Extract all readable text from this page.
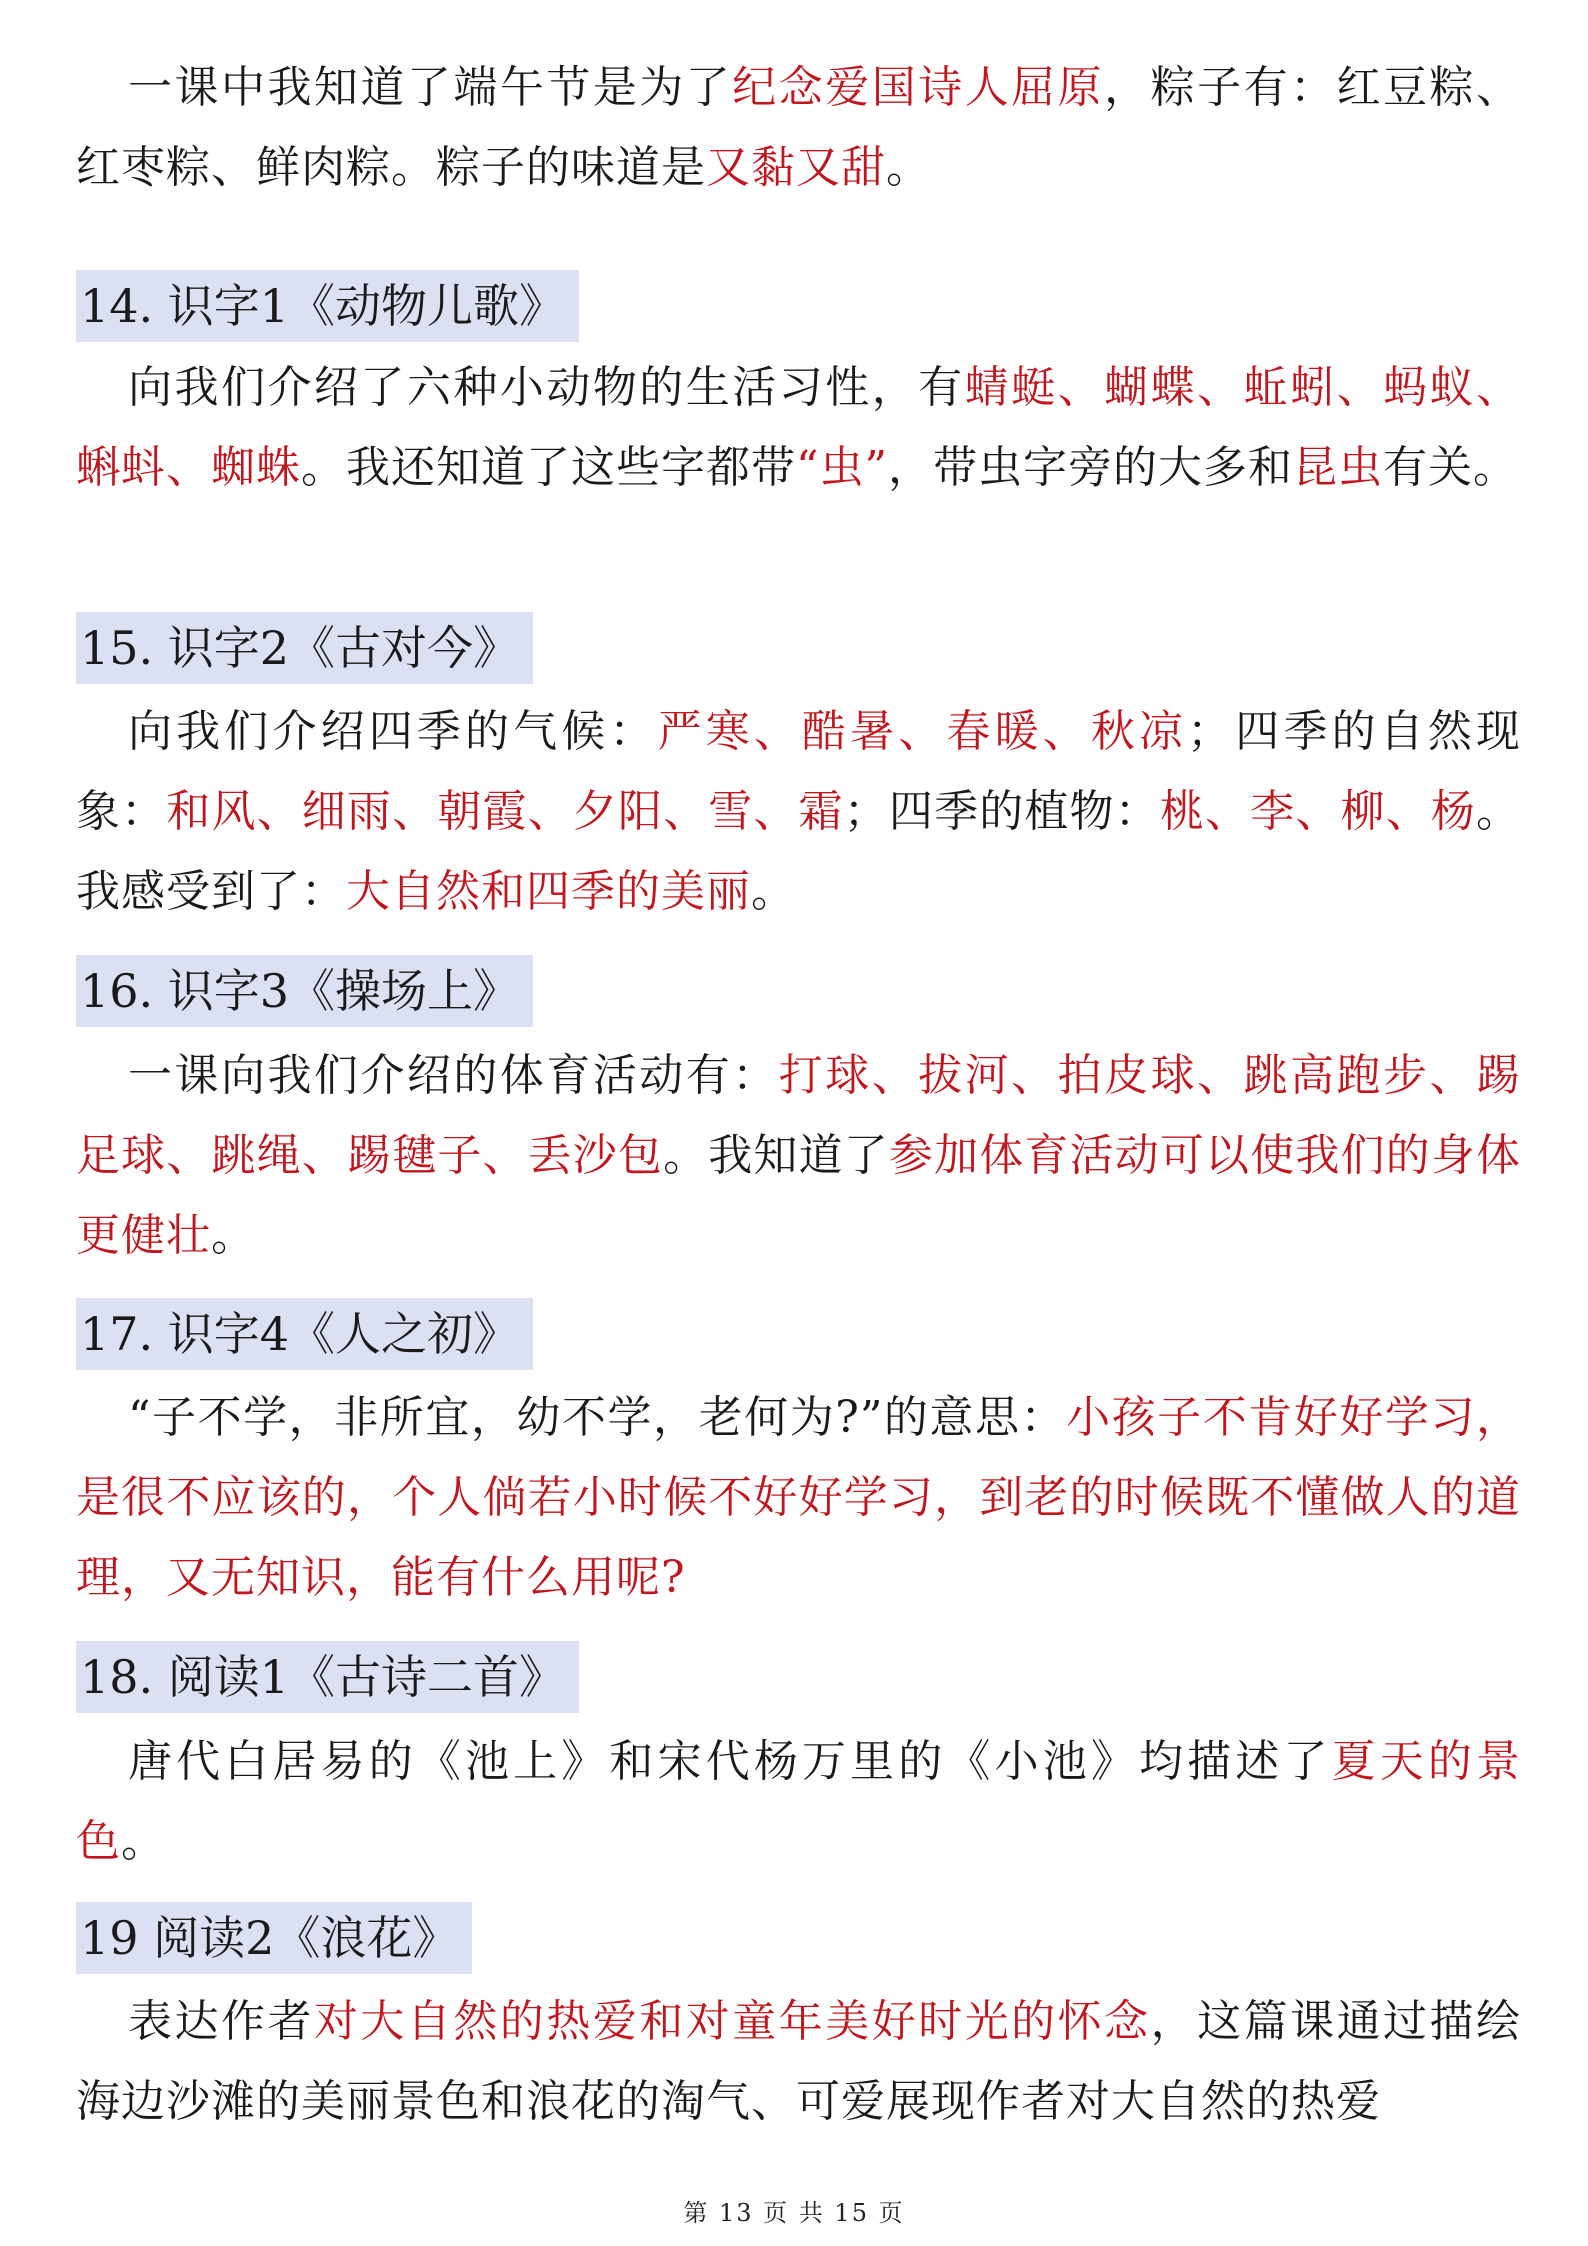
一课中我知道了端午节是为了纪念爱国诗人屈原，粽子有：红豆粽、红枣粽、鲜肉粽。粽子的味道是又黏又甜。

14. 识字1《动物儿歌》

向我们介绍了六种小动物的生活习性，有蜻蜓、蝴蝶、蚯蚓、蚂蚁、蝌蚪、蜘蛛。我还知道了这些字都带“虫”，带虫字旁的大多和昆虫有关。

15. 识字2《古对今》

向我们介绍四季的气候：严寒、酷暑、春暖、秋凉；四季的自然现象：和风、细雨、朝霞、夕阳、雪、霜；四季的植物：桃、李、柳、杨。我感受到了：大自然和四季的美丽。

16. 识字3《操场上》

一课向我们介绍的体育活动有：打球、拔河、拍皮球、跳高跑步、踢足球、跳绳、踢毽子、丢沙包。我知道了参加体育活动可以使我们的身体更健壮。

17. 识字4《人之初》

“子不学，非所宜，幼不学，老何为?”的意思：小孩子不肯好好学习，是很不应该的，个人倘若小时候不好好学习，到老的时候既不懂做人的道理，又无知识，能有什么用呢?

18. 阅读1《古诗二首》

唐代白居易的《池上》和宋代杨万里的《小池》均描述了夏天的景色。

19 阅读2《浪花》

表达作者对大自然的热爱和对童年美好时光的怀念，这篇课通过描绘海边沙滩的美丽景色和浪花的淘气、可爱展现作者对大自然的热爱

第 13 页 共 15 页
